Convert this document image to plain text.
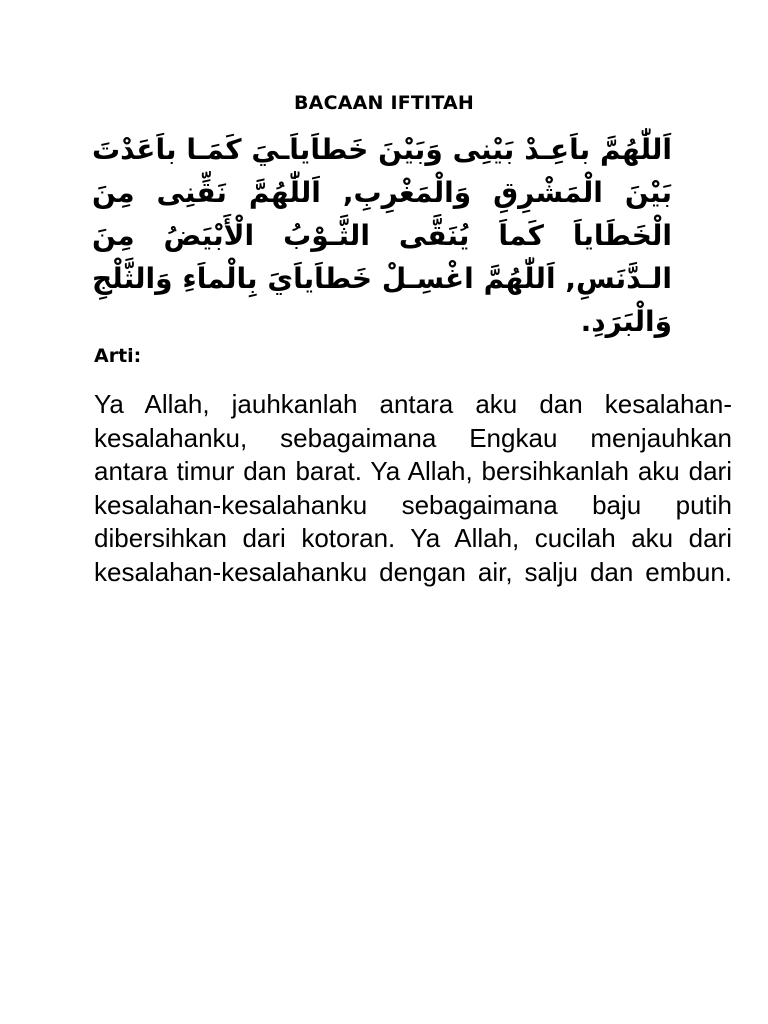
BACAAN IFTITAH
اَللّٰهُمَّ باَعِـدْ بَيْنِى وَبَيْنَ خَطاَياَـيَ كَمَـا باَعَدْتَ بَيْنَ الْمَشْرِقِ وَالْمَغْرِبِ, اَللّٰهُمَّ نَقِّنِى مِنَ الْخَطَاياَ كَماَ يُنَقَّى الثَّـوْبُ الْأَبْيَضُ مِنَ الـدَّنَسِ, اَللّٰهُمَّ اغْسِـلْ خَطاَياَيَ بِالْماَءِ وَالثَّلْجِ وَالْبَرَدِ.
Arti:
Ya Allah, jauhkanlah antara aku dan kesalahan-kesalahanku, sebagaimana Engkau menjauhkan antara timur dan barat. Ya Allah, bersihkanlah aku dari kesalahan-kesalahanku sebagaimana baju putih dibersihkan dari kotoran. Ya Allah, cucilah aku dari kesalahan-kesalahanku dengan air, salju dan embun.
